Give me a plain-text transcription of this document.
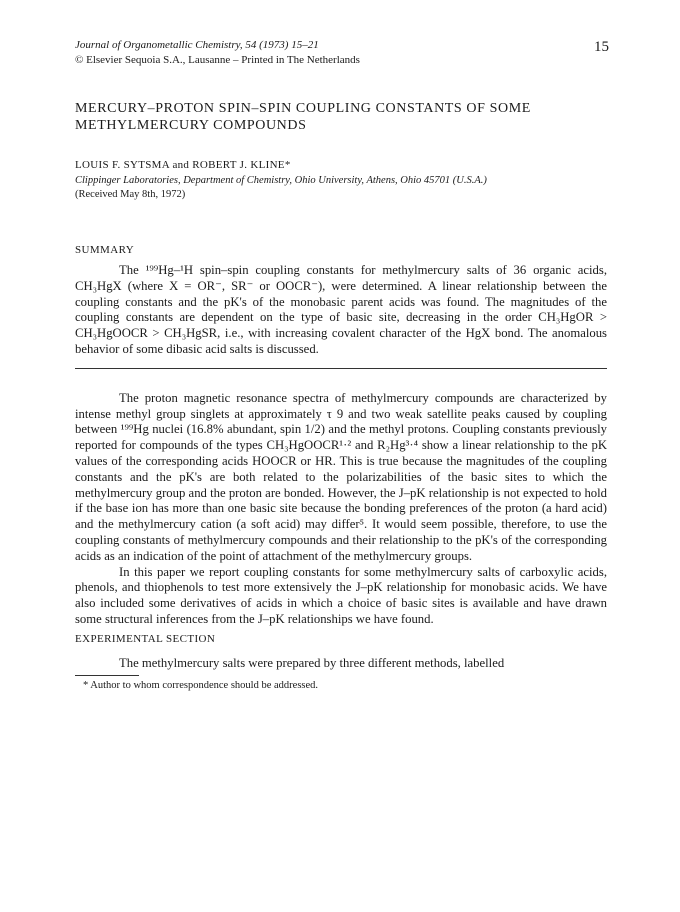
Journal of Organometallic Chemistry, 54 (1973) 15–21
© Elsevier Sequoia S.A., Lausanne – Printed in The Netherlands
15
MERCURY–PROTON SPIN–SPIN COUPLING CONSTANTS OF SOME METHYLMERCURY COMPOUNDS
LOUIS F. SYTSMA and ROBERT J. KLINE*
Clippinger Laboratories, Department of Chemistry, Ohio University, Athens, Ohio 45701 (U.S.A.)
(Received May 8th, 1972)
SUMMARY

The ¹⁹⁹Hg–¹H spin–spin coupling constants for methylmercury salts of 36 organic acids, CH₃HgX (where X = OR⁻, SR⁻ or OOCR⁻), were determined. A linear relationship between the coupling constants and the pK's of the monobasic parent acids was found. The magnitudes of the coupling constants are dependent on the type of basic site, decreasing in the order CH₃HgOR > CH₃HgOOCR > CH₃HgSR, i.e., with increasing covalent character of the HgX bond. The anomalous behavior of some dibasic acid salts is discussed.

The proton magnetic resonance spectra of methylmercury compounds are characterized by intense methyl group singlets at approximately τ 9 and two weak satellite peaks caused by coupling between ¹⁹⁹Hg nuclei (16.8% abundant, spin 1/2) and the methyl protons. Coupling constants previously reported for compounds of the types CH₃HgOOCR¹·² and R₂Hg³·⁴ show a linear relationship to the pK values of the corresponding acids HOOCR or HR. This is true because the magnitudes of the coupling constants and the pK's are both related to the polarizabilities of the basic sites to which the methylmercury group and the proton are bonded. However, the J–pK relationship is not expected to hold if the base ion has more than one basic site because the bonding preferences of the proton (a hard acid) and the methylmercury cation (a soft acid) may differ⁵. It would seem possible, therefore, to use the coupling constants of methylmercury compounds and their relationship to the pK's of the corresponding acids as an indication of the point of attachment of the methylmercury groups.

In this paper we report coupling constants for some methylmercury salts of carboxylic acids, phenols, and thiophenols to test more extensively the J–pK relationship for monobasic acids. We have also included some derivatives of acids in which a choice of basic sites is available and have drawn some structural inferences from the J–pK relationships we have found.

EXPERIMENTAL SECTION

The methylmercury salts were prepared by three different methods, labelled

* Author to whom correspondence should be addressed.
